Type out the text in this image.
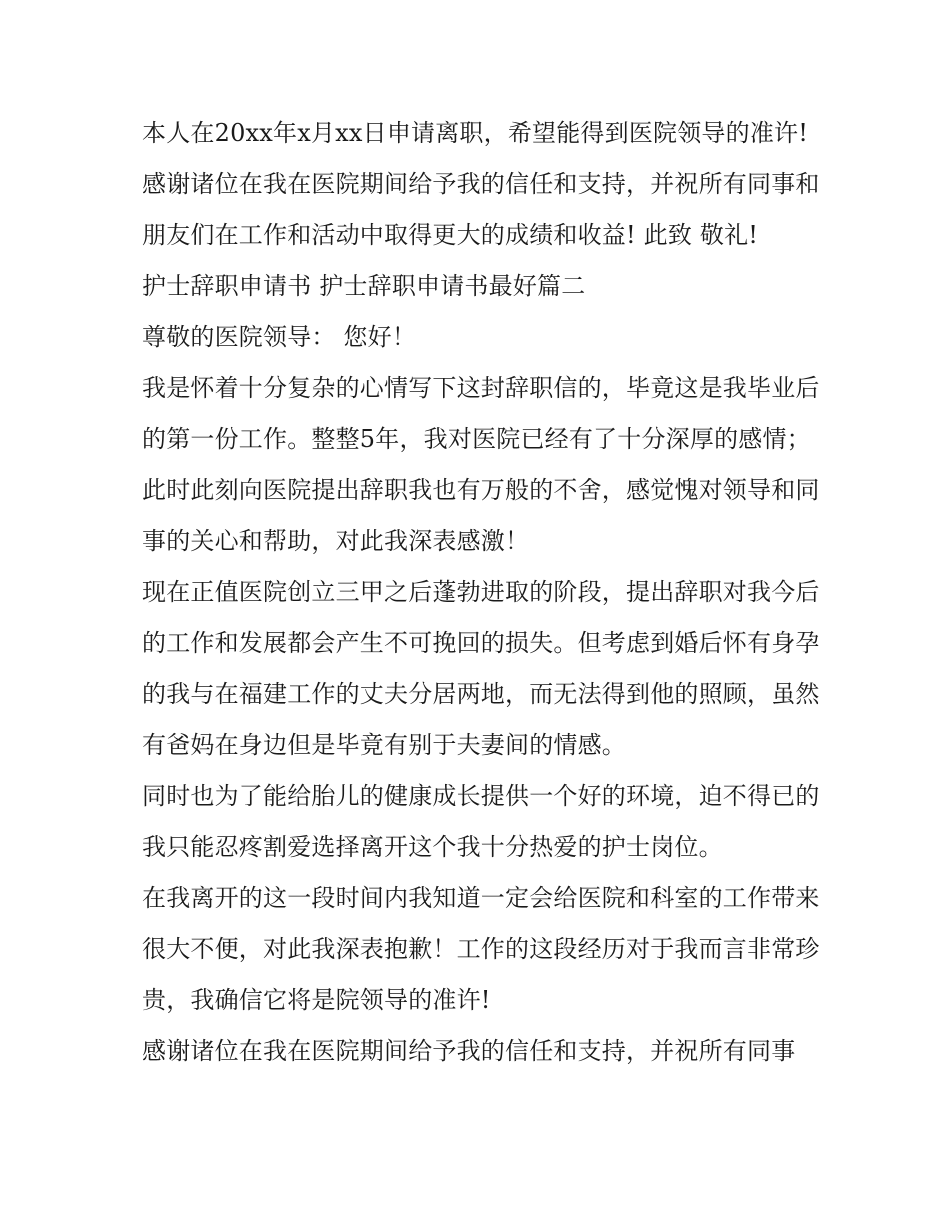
本人在20xx年x月xx日申请离职，希望能得到医院领导的准许!

感谢诸位在我在医院期间给予我的信任和支持，并祝所有同事和朋友们在工作和活动中取得更大的成绩和收益! 此致 敬礼!

护士辞职申请书 护士辞职申请书最好篇二

尊敬的医院领导： 您好！

我是怀着十分复杂的心情写下这封辞职信的，毕竟这是我毕业后的第一份工作。整整5年，我对医院已经有了十分深厚的感情；此时此刻向医院提出辞职我也有万般的不舍，感觉愧对领导和同事的关心和帮助，对此我深表感激！

现在正值医院创立三甲之后蓬勃进取的阶段，提出辞职对我今后的工作和发展都会产生不可挽回的损失。但考虑到婚后怀有身孕的我与在福建工作的丈夫分居两地，而无法得到他的照顾，虽然有爸妈在身边但是毕竟有别于夫妻间的情感。

同时也为了能给胎儿的健康成长提供一个好的环境，迫不得已的我只能忍疼割爱选择离开这个我十分热爱的护士岗位。

在我离开的这一段时间内我知道一定会给医院和科室的工作带来很大不便，对此我深表抱歉！工作的这段经历对于我而言非常珍贵，我确信它将是院领导的准许!

感谢诸位在我在医院期间给予我的信任和支持，并祝所有同事
